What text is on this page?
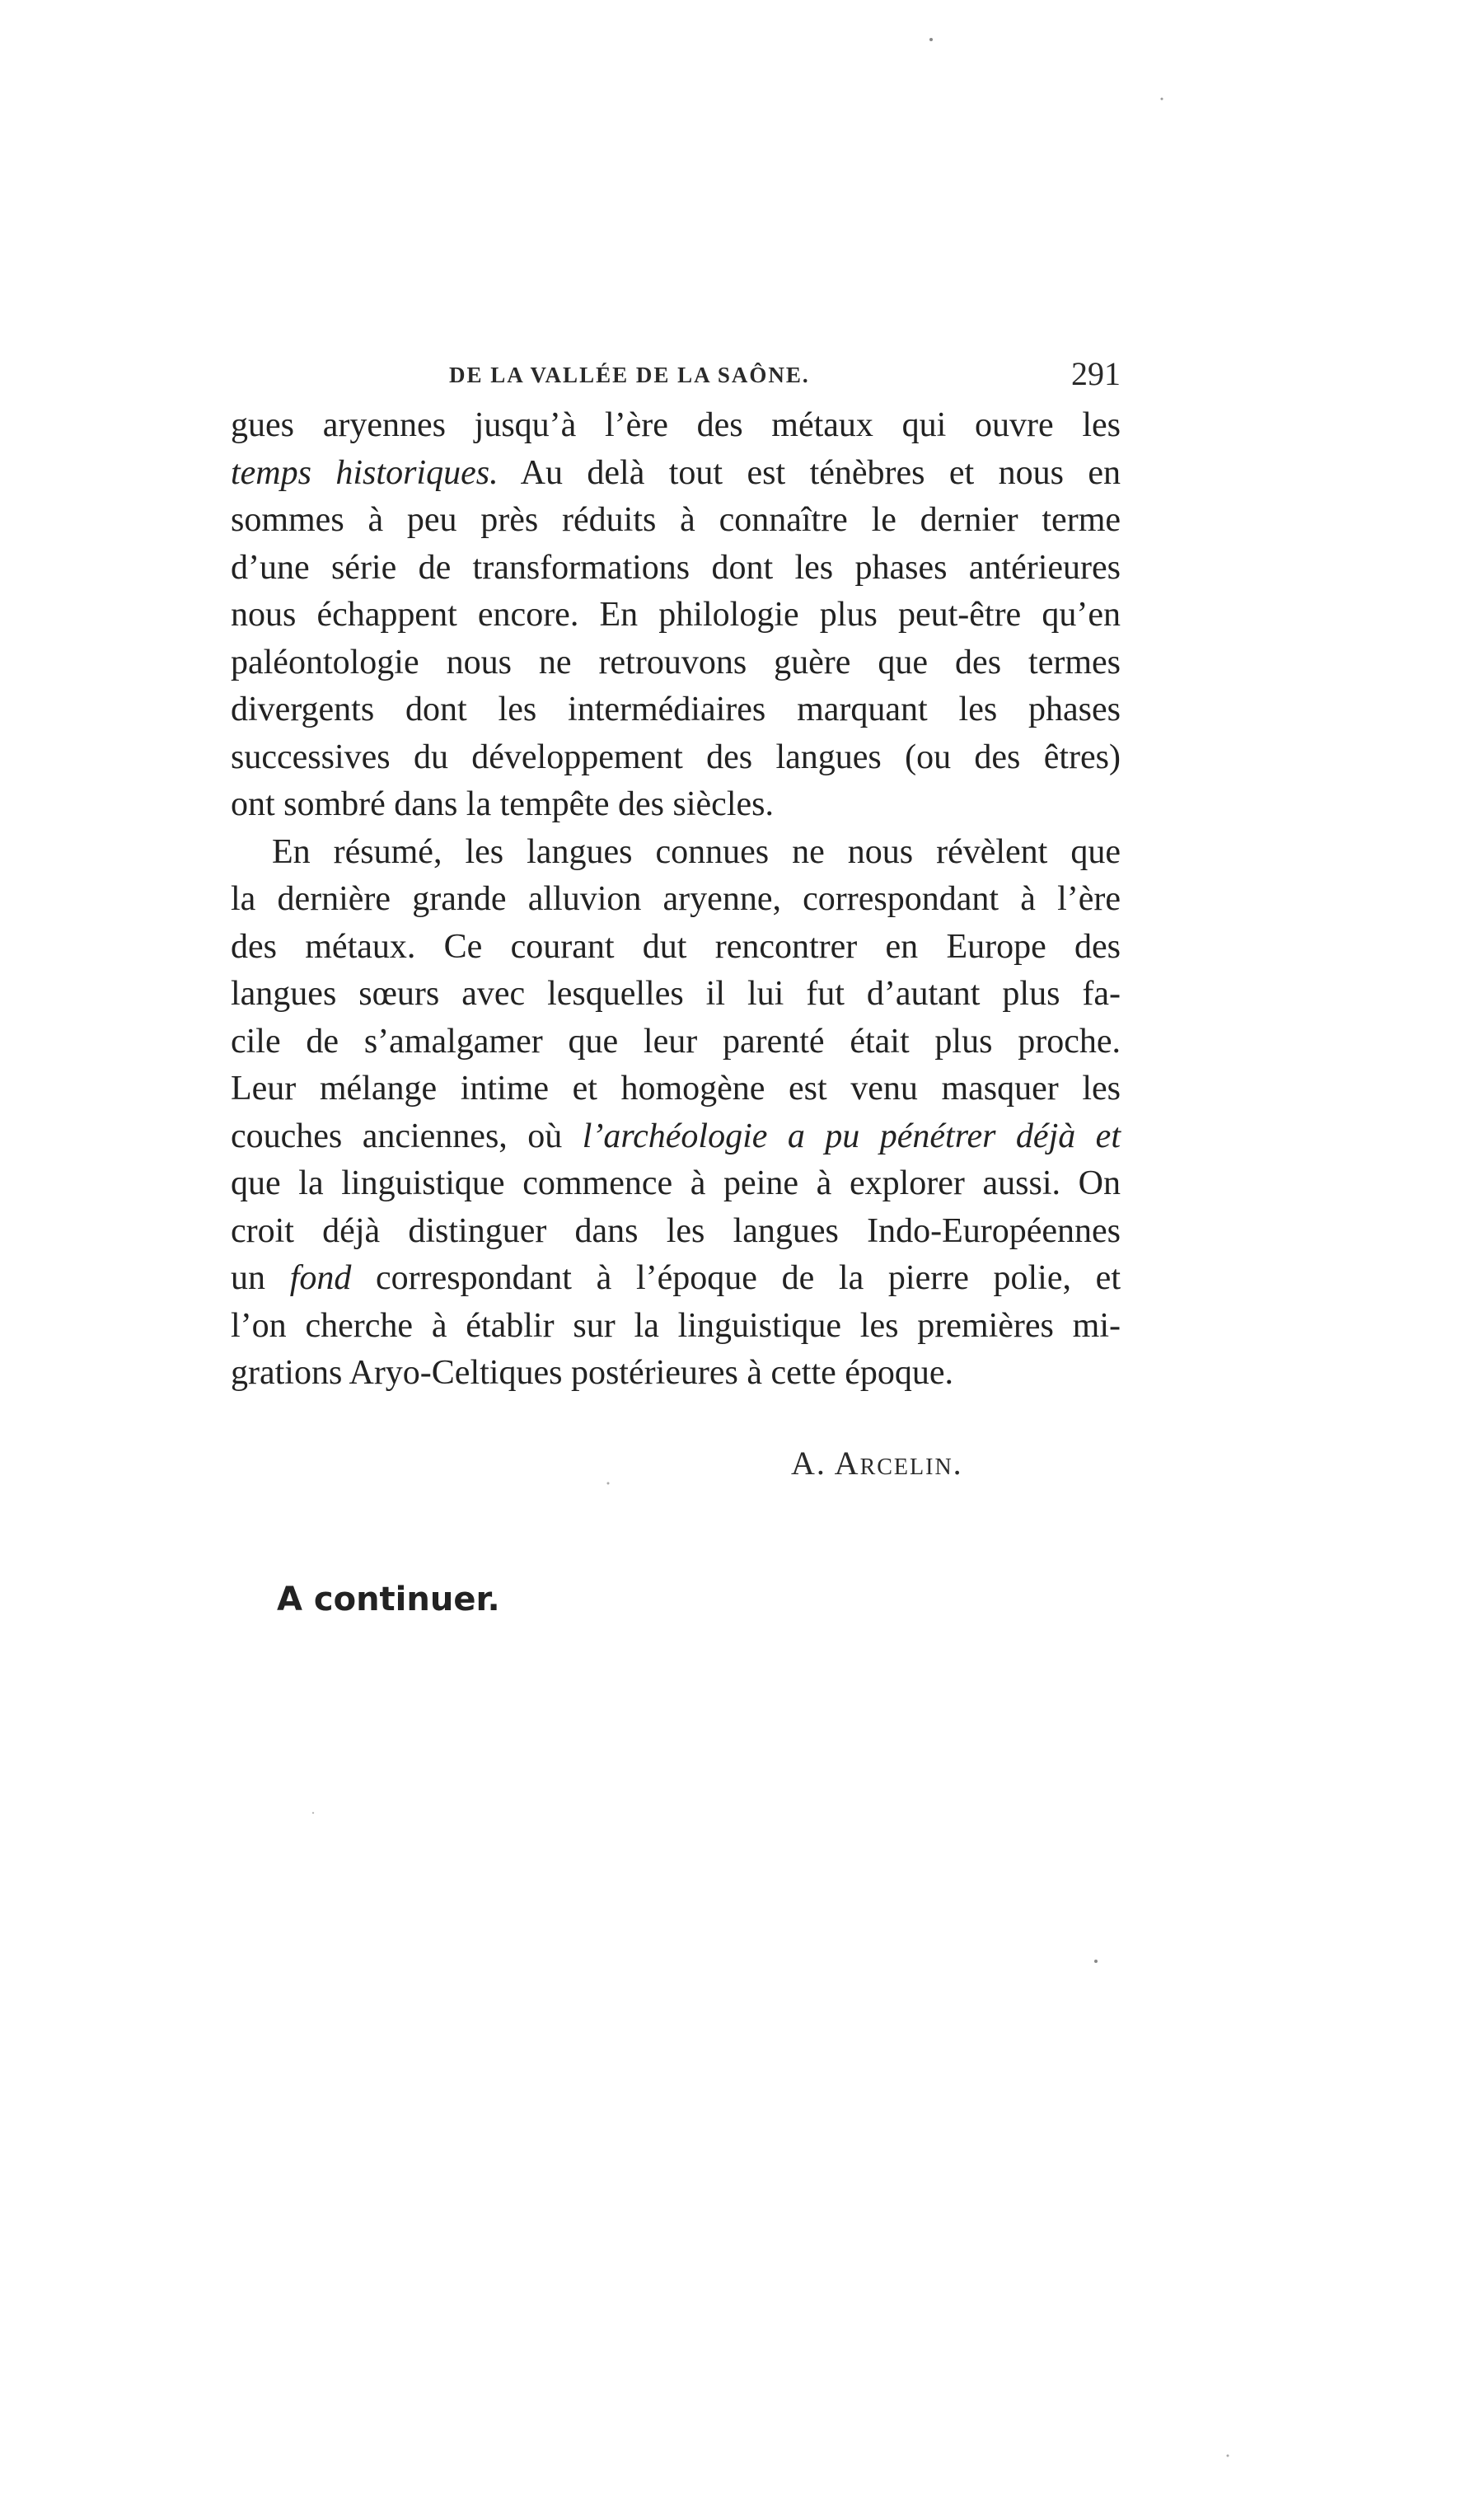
DE LA VALLÉE DE LA SAÔNE.	291
gues aryennes jusqu’à l’ère des métaux qui ouvre les
temps historiques. Au delà tout est ténèbres et nous en
sommes à peu près réduits à connaître le dernier terme
d’une série de transformations dont les phases antérieures
nous échappent encore. En philologie plus peut-être qu’en
paléontologie nous ne retrouvons guère que des termes
divergents dont les intermédiaires marquant les phases
successives du développement des langues (ou des êtres)
ont sombré dans la tempête des siècles.
En résumé, les langues connues ne nous révèlent que
la dernière grande alluvion aryenne, correspondant à l’ère
des métaux. Ce courant dut rencontrer en Europe des
langues sœurs avec lesquelles il lui fut d’autant plus fa-
cile de s’amalgamer que leur parenté était plus proche.
Leur mélange intime et homogène est venu masquer les
couches anciennes, où l’archéologie a pu pénétrer déjà et
que la linguistique commence à peine à explorer aussi. On
croit déjà distinguer dans les langues Indo-Européennes
un fond correspondant à l’époque de la pierre polie, et
l’on cherche à établir sur la linguistique les premières mi-
grations Aryo-Celtiques postérieures à cette époque.
A. Arcelin.
A continuer.
